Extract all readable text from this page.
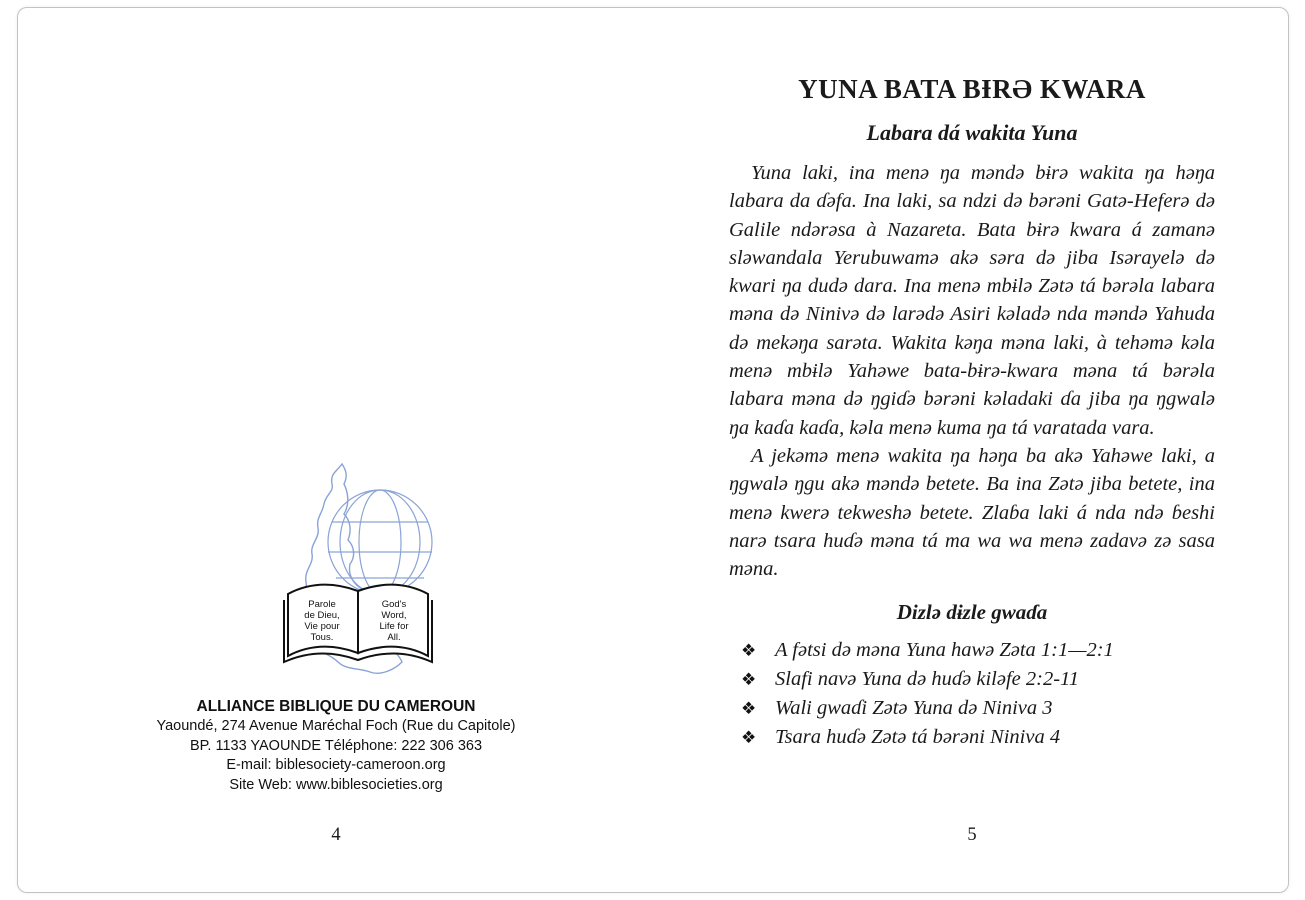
Parole
de Dieu,
Vie pour
Tous.
God's
Word,
Life for
All.
ALLIANCE BIBLIQUE DU CAMEROUN
Yaoundé, 274 Avenue Maréchal Foch (Rue du Capitole)
BP. 1133 YAOUNDE Téléphone: 222 306 363
E-mail: biblesociety-cameroon.org
Site Web: www.biblesocieties.org
4
YUNA BATA BƗRƏ KWARA
Labara dá wakita Yuna

Yuna laki, ina menə ŋa məndə bɨrə wakita ŋa həŋa labara da ɗəfa. Ina laki, sa ndzi də bərəni Gatə-Heferə də Galile ndərəsa à Nazareta. Bata bɨrə kwara á zamanə sləwandala Yerubuwamə akə səra də jiba Isərayelə də kwari ŋa dudə dara. Ina menə mbɨlə Zətə tá bərəla labara məna də Ninivə də larədə Asiri kəladə nda məndə Yahuda də mekəŋa sarəta. Wakita kəŋa məna laki, à tehəmə kəla menə mbɨlə Yahəwe bata-bɨrə-kwara məna tá bərəla labara məna də ŋgiɗə bərəni kəladaki ɗa jiba ŋa ŋgwalə ŋa kaɗa kaɗa, kəla menə kuma ŋa tá varatada vara.

A jekəmə menə wakita ŋa həŋa ba akə Yahəwe laki, a ŋgwalə ŋgu akə məndə betete. Ba ina Zətə jiba betete, ina menə kwerə tekweshə betete. Zlaɓa laki á nda ndə ɓeshi narə tsara huɗə məna tá ma wa wa menə zadavə zə sasa məna.

Dizlə dɨzle gwaɗa
❖ A fətsi də məna Yuna hawə Zəta 1:1—2:1
❖ Slafi navə Yuna də huɗə kiləfe 2:2-11
❖ Wali gwaɗi Zətə Yuna də Niniva 3
❖ Tsara huɗə Zətə tá bərəni Niniva 4
5
